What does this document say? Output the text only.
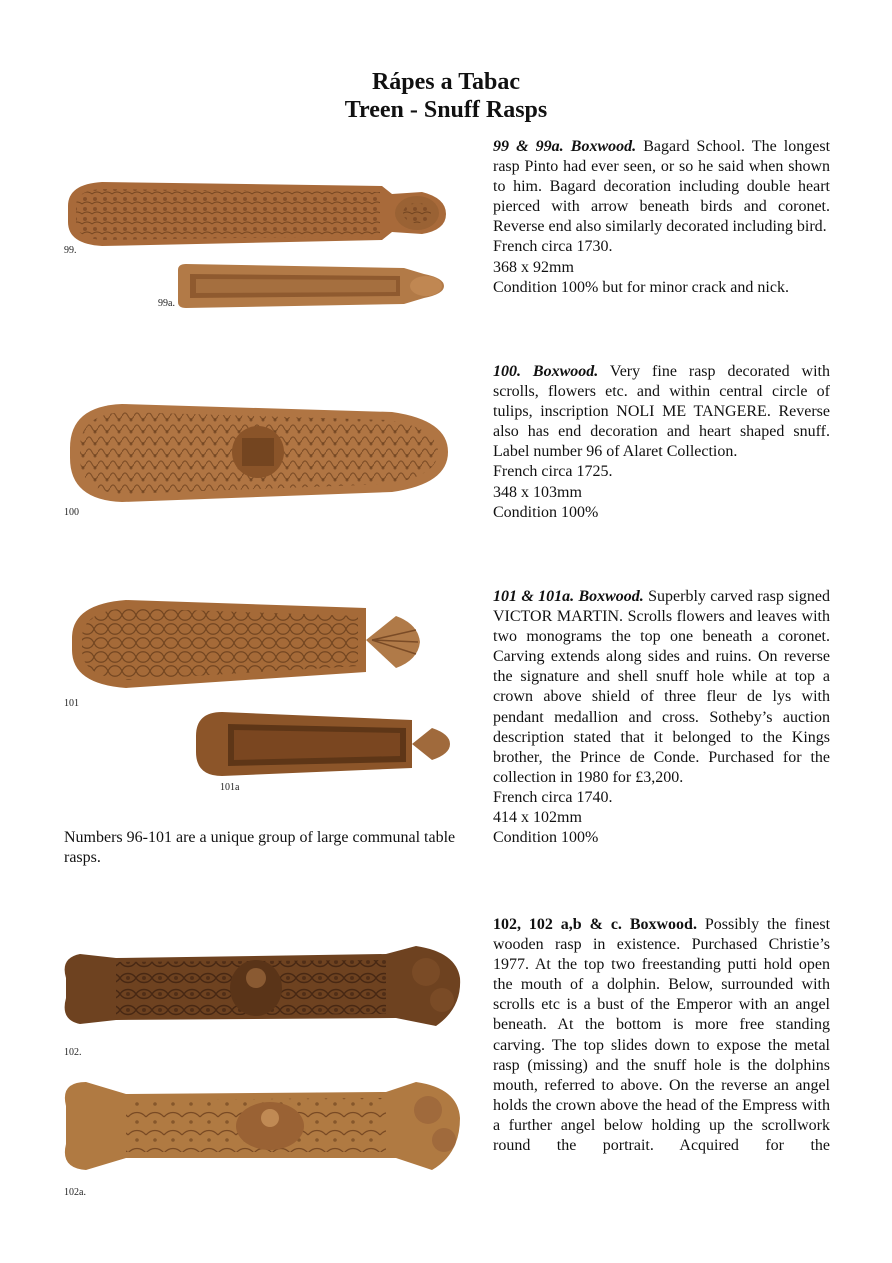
Rápes a Tabac
Treen - Snuff Rasps
99.
99a.

99 & 99a. Boxwood. Bagard School. The longest rasp Pinto had ever seen, or so he said when shown to him. Bagard decoration including double heart pierced with arrow beneath birds and coronet. Reverse end also similarly decorated including bird.

French circa 1730.

368 x 92mm

Condition 100% but for minor crack and nick.

100

100. Boxwood. Very fine rasp decorated with scrolls, flowers etc. and within central circle of tulips, inscription NOLI ME TANGERE. Reverse also has end decoration and heart shaped snuff. Label number 96 of Alaret Collection.

French circa 1725.

348 x 103mm

Condition 100%

101
101a
Numbers 96-101 are a unique group of large communal table rasps.

101 & 101a. Boxwood. Superbly carved rasp signed VICTOR MARTIN. Scrolls flowers and leaves with two monograms the top one beneath a coronet. Carving extends along sides and ruins. On reverse the signature and shell snuff hole while at top a crown above shield of three fleur de lys with pendant medallion and cross. Sotheby’s auction description stated that it belonged to the Kings brother, the Prince de Conde. Purchased for the collection in 1980 for £3,200.

French circa 1740.

414 x 102mm

Condition 100%

102.
102a.

102, 102 a,b & c. Boxwood. Possibly the finest wooden rasp in existence. Purchased Christie’s 1977. At the top two freestanding putti hold open the mouth of a dolphin. Below, surrounded with scrolls etc is a bust of the Emperor with an angel beneath. At the bottom is more free standing carving. The top slides down to expose the metal rasp (missing) and the snuff hole is the dolphins mouth, referred to above. On the reverse an angel holds the crown above the head of the Empress with a further angel below holding up the scrollwork round the portrait. Acquired for the
